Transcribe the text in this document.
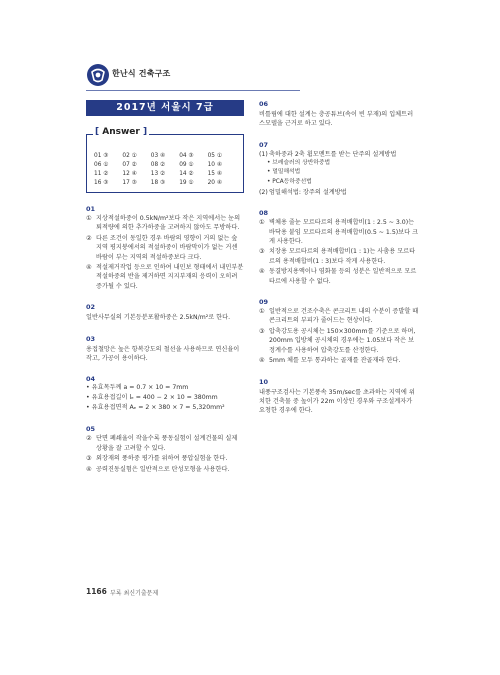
한난식 건축구조
2017년 서울시 7급
[ Answer ]
01 ③	02 ①	03 ④	04 ③	05 ①
06 ①	07 ②	08 ②	09 ①	10 ④
11 ②	12 ④	13 ②	14 ②	15 ④
16 ③	17 ③	18 ③	19 ①	20 ④
01
① 지상적설하중이 0.5kN/m²보다 작은 지역에서는 눈의 퇴적량에 의한 추가하중을 고려하지 않아도 무방하다.
② 다른 조건이 동일한 경우 바람의 영향이 거의 없는 숲 지역 평지붕에서의 적설하중이 바람막이가 없는 거센 바람이 부는 지역의 적설하중보다 크다.
④ 적설제거작업 등으로 인하여 내민보 형태에서 내민부분 적설하중의 반을 제거하면 지지부재의 응력이 오히려 증가될 수 있다.
02

일반사무실의 기본등분포활하중은 2.5kN/m²로 한다.

03

용접철망은 높은 항복강도의 철선을 사용하므로 연신율이 작고, 가공이 용이하다.

04
• 유효목두께 a = 0.7 × 10 = 7mm
• 유효용접길이 lₑ = 400 − 2 × 10 = 380mm
• 유효용접면적 Aₑ = 2 × 380 × 7 = 5,320mm²
05
② 단면 폐쇄율이 작을수록 풍동실험이 설계건물의 실제 상황을 잘 고려할 수 있다.
③ 외장재의 풍하중 평가를 위하여 풍압실험을 한다.
④ 공력진동실험은 일반적으로 탄성모형을 사용한다.
06

비틀림에 대한 설계는 충공튜브(속이 빈 부재)의 입체트러스모델을 근거로 하고 있다.

07
(1) 축하중과 2축 휨모멘트를 받는 단주의 설계방법
• 브레슬러의 상반하중법
• 멀밀해석법
• PCA등하중선법
(2) 엄밀해석법: 장주의 설계방법
08
① 벽체용 줄눈 모르타르의 용적배합비(1 : 2.5 ~ 3.0)는 바닥용 붙임 모르타르의 용적배합비(0.5 ~ 1.5)보다 크게 사용한다.
③ 치장용 모르타르의 용적배합비(1 : 1)는 사춤용 모르타르의 용적배합비(1 : 3)보다 작게 사용한다.
④ 동결방지용액이나 염화물 등의 성분은 일반적으로 모르타르에 사용할 수 없다.
09
① 일반적으로 건조수축은 콘크리트 내의 수분이 증발할 때 콘크리트의 부피가 줄어드는 현상이다.
③ 압축강도용 공시체는 150×300mm를 기준으로 하며, 200mm 입방체 공시체의 경우에는 1.05보다 작은 보정계수를 사용하여 압축강도를 산정한다.
④ 5mm 체를 모두 통과하는 골재를 잔골재라 한다.
10

내풍구조검사는 기본풍속 35m/sec를 초과하는 지역에 위치한 건축물 중 높이가 22m 이상인 경우와 구조설계자가 요청한 경우에 한다.

1166 부록 최신기출문제
